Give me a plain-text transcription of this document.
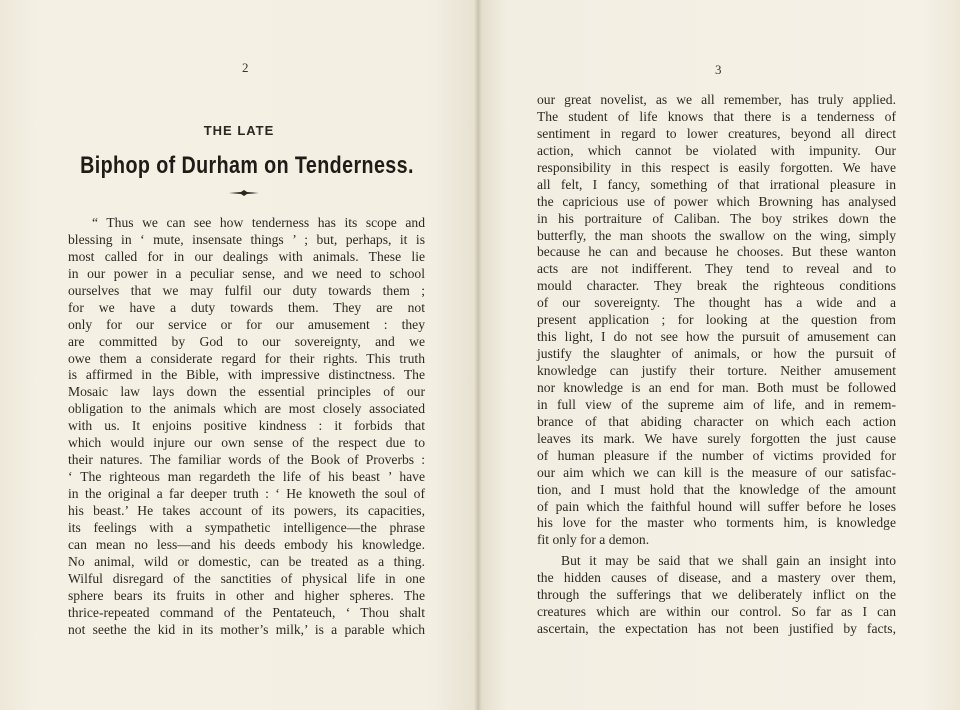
2
THE LATE
Biphop of Durham on Tenderness.
“ Thus we can see how tenderness has its scope and
blessing in ‘ mute, insensate things ’ ; but, perhaps, it is
most called for in our dealings with animals. These lie
in our power in a peculiar sense, and we need to school
ourselves that we may fulfil our duty towards them ;
for we have a duty towards them. They are not
only for our service or for our amusement : they
are committed by God to our sovereignty, and we
owe them a considerate regard for their rights. This truth
is affirmed in the Bible, with impressive distinctness. The
Mosaic law lays down the essential principles of our
obligation to the animals which are most closely associated
with us. It enjoins positive kindness : it forbids that
which would injure our own sense of the respect due to
their natures. The familiar words of the Book of Proverbs :
‘ The righteous man regardeth the life of his beast ’ have
in the original a far deeper truth : ‘ He knoweth the soul of
his beast.’ He takes account of its powers, its capacities,
its feelings with a sympathetic intelligence—the phrase
can mean no less—and his deeds embody his knowledge.
No animal, wild or domestic, can be treated as a thing.
Wilful disregard of the sanctities of physical life in one
sphere bears its fruits in other and higher spheres. The
thrice-repeated command of the Pentateuch, ‘ Thou shalt
not seethe the kid in its mother’s milk,’ is a parable which
3
our great novelist, as we all remember, has truly applied.
The student of life knows that there is a tenderness of
sentiment in regard to lower creatures, beyond all direct
action, which cannot be violated with impunity. Our
responsibility in this respect is easily forgotten. We have
all felt, I fancy, something of that irrational pleasure in
the capricious use of power which Browning has analysed
in his portraiture of Caliban. The boy strikes down the
butterfly, the man shoots the swallow on the wing, simply
because he can and because he chooses. But these wanton
acts are not indifferent. They tend to reveal and to
mould character. They break the righteous conditions
of our sovereignty. The thought has a wide and a
present application ; for looking at the question from
this light, I do not see how the pursuit of amusement can
justify the slaughter of animals, or how the pursuit of
knowledge can justify their torture. Neither amusement
nor knowledge is an end for man. Both must be followed
in full view of the supreme aim of life, and in remem-
brance of that abiding character on which each action
leaves its mark. We have surely forgotten the just cause
of human pleasure if the number of victims provided for
our aim which we can kill is the measure of our satisfac-
tion, and I must hold that the knowledge of the amount
of pain which the faithful hound will suffer before he loses
his love for the master who torments him, is knowledge
fit only for a demon.
But it may be said that we shall gain an insight into
the hidden causes of disease, and a mastery over them,
through the sufferings that we deliberately inflict on the
creatures which are within our control. So far as I can
ascertain, the expectation has not been justified by facts,
